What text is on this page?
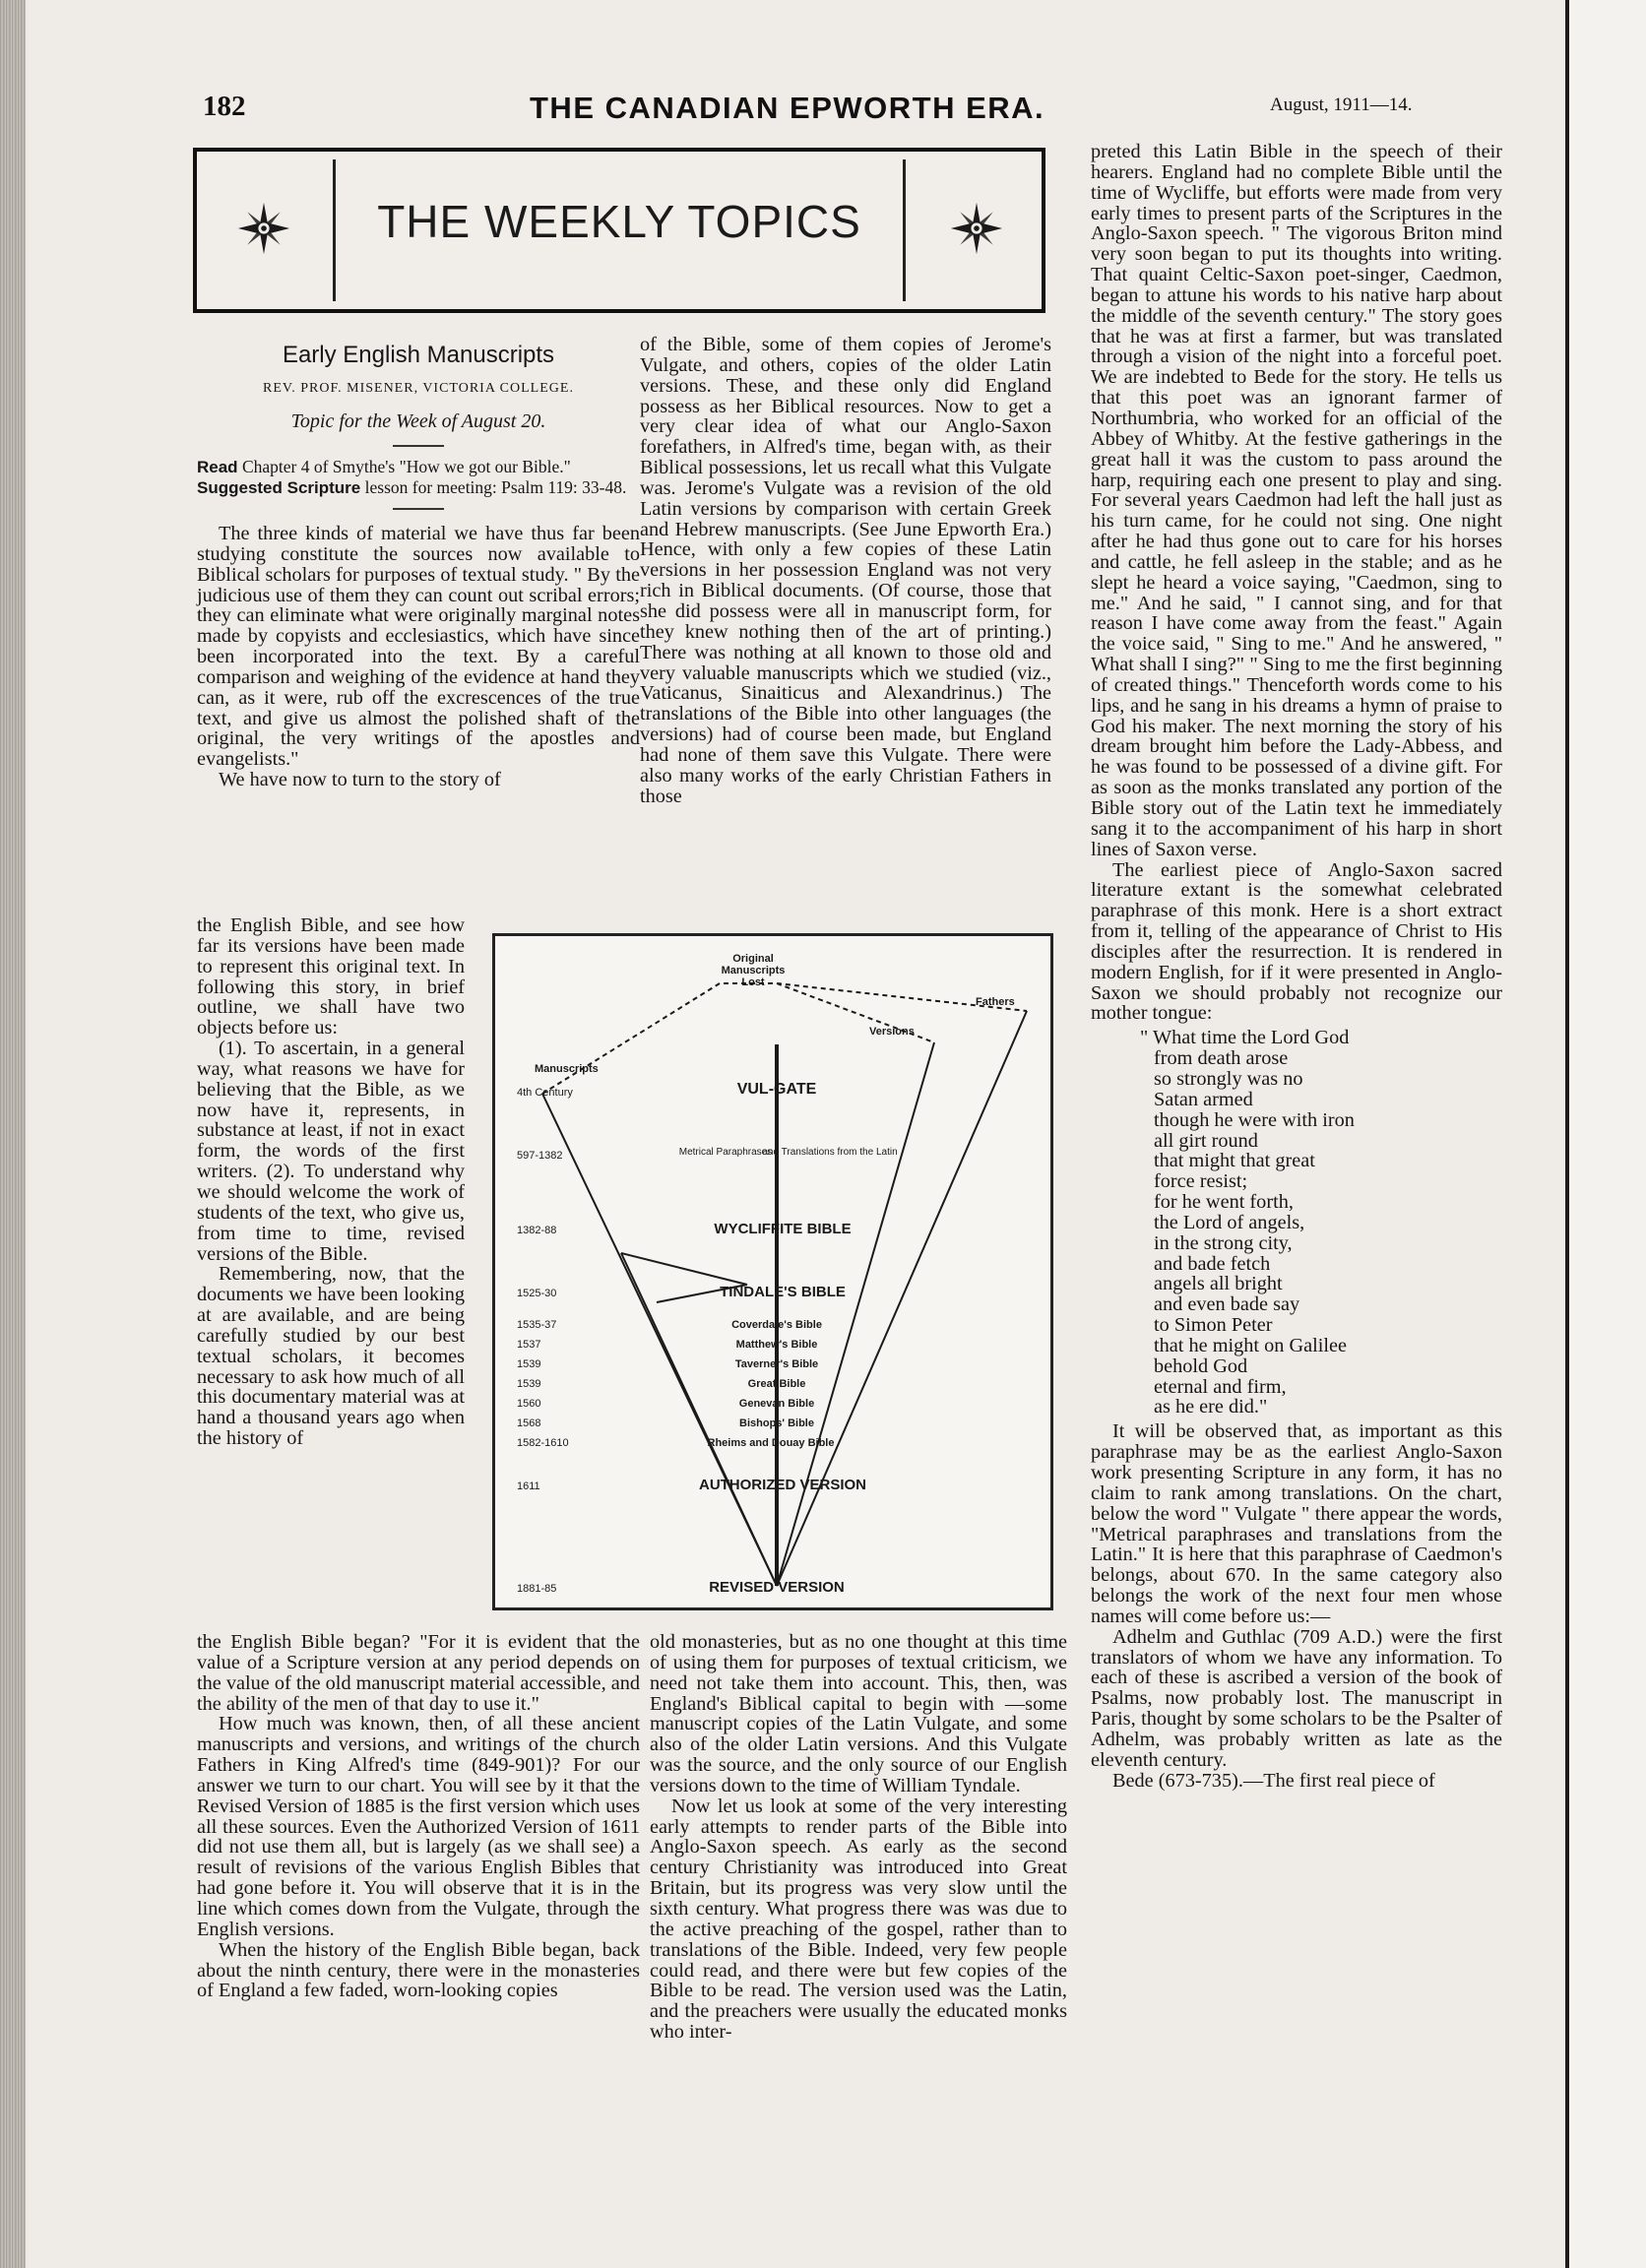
182	THE CANADIAN EPWORTH ERA.	August, 1911—14.
THE WEEKLY TOPICS

Early English Manuscripts

REV. PROF. MISENER, VICTORIA COLLEGE.

Topic for the Week of August 20.

Read Chapter 4 of Smythe's "How we got our Bible."

Suggested Scripture lesson for meeting: Psalm 119: 33-48.

The three kinds of material we have thus far been studying constitute the sources now available to Biblical scholars for purposes of textual study. " By the judicious use of them they can count out scribal errors; they can eliminate what were originally marginal notes made by copyists and ecclesiastics, which have since been incorporated into the text. By a careful comparison and weighing of the evidence at hand they can, as it were, rub off the excrescences of the true text, and give us almost the polished shaft of the original, the very writings of the apostles and evangelists."

We have now to turn to the story of

the English Bible, and see how far its versions have been made to represent this original text. In following this story, in brief outline, we shall have two objects before us:

(1). To ascertain, in a general way, what reasons we have for believing that the Bible, as we now have it, represents, in substance at least, if not in exact form, the words of the first writers. (2). To understand why we should welcome the work of students of the text, who give us, from time to time, revised versions of the Bible.

Remembering, now, that the documents we have been looking at are available, and are being carefully studied by our best textual scholars, it becomes necessary to ask how much of all this documentary material was at hand a thousand years ago when the history of

the English Bible began? "For it is evident that the value of a Scripture version at any period depends on the value of the old manuscript material accessible, and the ability of the men of that day to use it."

How much was known, then, of all these ancient manuscripts and versions, and writings of the church Fathers in King Alfred's time (849-901)? For our answer we turn to our chart. You will see by it that the Revised Version of 1885 is the first version which uses all these sources. Even the Authorized Version of 1611 did not use them all, but is largely (as we shall see) a result of revisions of the various English Bibles that had gone before it. You will observe that it is in the line which comes down from the Vulgate, through the English versions.

When the history of the English Bible began, back about the ninth century, there were in the monasteries of England a few faded, worn-looking copies

of the Bible, some of them copies of Jerome's Vulgate, and others, copies of the older Latin versions. These, and these only did England possess as her Biblical resources. Now to get a very clear idea of what our Anglo-Saxon forefathers, in Alfred's time, began with, as their Biblical possessions, let us recall what this Vulgate was. Jerome's Vulgate was a revision of the old Latin versions by comparison with certain Greek and Hebrew manuscripts. (See June Epworth Era.) Hence, with only a few copies of these Latin versions in her possession England was not very rich in Biblical documents. (Of course, those that she did possess were all in manuscript form, for they knew nothing then of the art of printing.) There was nothing at all known to those old and very valuable manuscripts which we studied (viz., Vaticanus, Sinaiticus and Alexandrinus.) The translations of the Bible into other languages (the versions) had of course been made, but England had none of them save this Vulgate. There were also many works of the early Christian Fathers in those

Original
Manuscripts
Lost
Manuscripts
Versions
Fathers
4th Century
597-1382
1382-88
1525-30
1535-37
1537
1539
1539
1560
1568
1582-1610
1611
1881-85
VUL-GATE
Metrical Paraphrases
and Translations from the Latin
WYCLIFFITE BIBLE
TINDALE'S BIBLE
Coverdale's Bible
Matthew's Bible
Taverner's Bible
Great Bible
Genevan Bible
Bishops' Bible
Rheims and Douay Bible
AUTHORIZED VERSION
REVISED VERSION

old monasteries, but as no one thought at this time of using them for purposes of textual criticism, we need not take them into account. This, then, was England's Biblical capital to begin with —some manuscript copies of the Latin Vulgate, and some also of the older Latin versions. And this Vulgate was the source, and the only source of our English versions down to the time of William Tyndale.

Now let us look at some of the very interesting early attempts to render parts of the Bible into Anglo-Saxon speech. As early as the second century Christianity was introduced into Great Britain, but its progress was very slow until the sixth century. What progress there was was due to the active preaching of the gospel, rather than to translations of the Bible. Indeed, very few people could read, and there were but few copies of the Bible to be read. The version used was the Latin, and the preachers were usually the educated monks who inter-

preted this Latin Bible in the speech of their hearers. England had no complete Bible until the time of Wycliffe, but efforts were made from very early times to present parts of the Scriptures in the Anglo-Saxon speech. " The vigorous Briton mind very soon began to put its thoughts into writing. That quaint Celtic-Saxon poet-singer, Caedmon, began to attune his words to his native harp about the middle of the seventh century." The story goes that he was at first a farmer, but was translated through a vision of the night into a forceful poet. We are indebted to Bede for the story. He tells us that this poet was an ignorant farmer of Northumbria, who worked for an official of the Abbey of Whitby. At the festive gatherings in the great hall it was the custom to pass around the harp, requiring each one present to play and sing. For several years Caedmon had left the hall just as his turn came, for he could not sing. One night after he had thus gone out to care for his horses and cattle, he fell asleep in the stable; and as he slept he heard a voice saying, "Caedmon, sing to me." And he said, " I cannot sing, and for that reason I have come away from the feast." Again the voice said, " Sing to me." And he answered, " What shall I sing?" " Sing to me the first beginning of created things." Thenceforth words come to his lips, and he sang in his dreams a hymn of praise to God his maker. The next morning the story of his dream brought him before the Lady-Abbess, and he was found to be possessed of a divine gift. For as soon as the monks translated any portion of the Bible story out of the Latin text he immediately sang it to the accompaniment of his harp in short lines of Saxon verse.

The earliest piece of Anglo-Saxon sacred literature extant is the somewhat celebrated paraphrase of this monk. Here is a short extract from it, telling of the appearance of Christ to His disciples after the resurrection. It is rendered in modern English, for if it were presented in Anglo-Saxon we should probably not recognize our mother tongue:

" What time the Lord God

from death arose

so strongly was no

Satan armed

though he were with iron

all girt round

that might that great

force resist;

for he went forth,

the Lord of angels,

in the strong city,

and bade fetch

angels all bright

and even bade say

to Simon Peter

that he might on Galilee

behold God

eternal and firm,

as he ere did."

It will be observed that, as important as this paraphrase may be as the earliest Anglo-Saxon work presenting Scripture in any form, it has no claim to rank among translations. On the chart, below the word " Vulgate " there appear the words, "Metrical paraphrases and translations from the Latin." It is here that this paraphrase of Caedmon's belongs, about 670. In the same category also belongs the work of the next four men whose names will come before us:—

Adhelm and Guthlac (709 A.D.) were the first translators of whom we have any information. To each of these is ascribed a version of the book of Psalms, now probably lost. The manuscript in Paris, thought by some scholars to be the Psalter of Adhelm, was probably written as late as the eleventh century.

Bede (673-735).—The first real piece of
